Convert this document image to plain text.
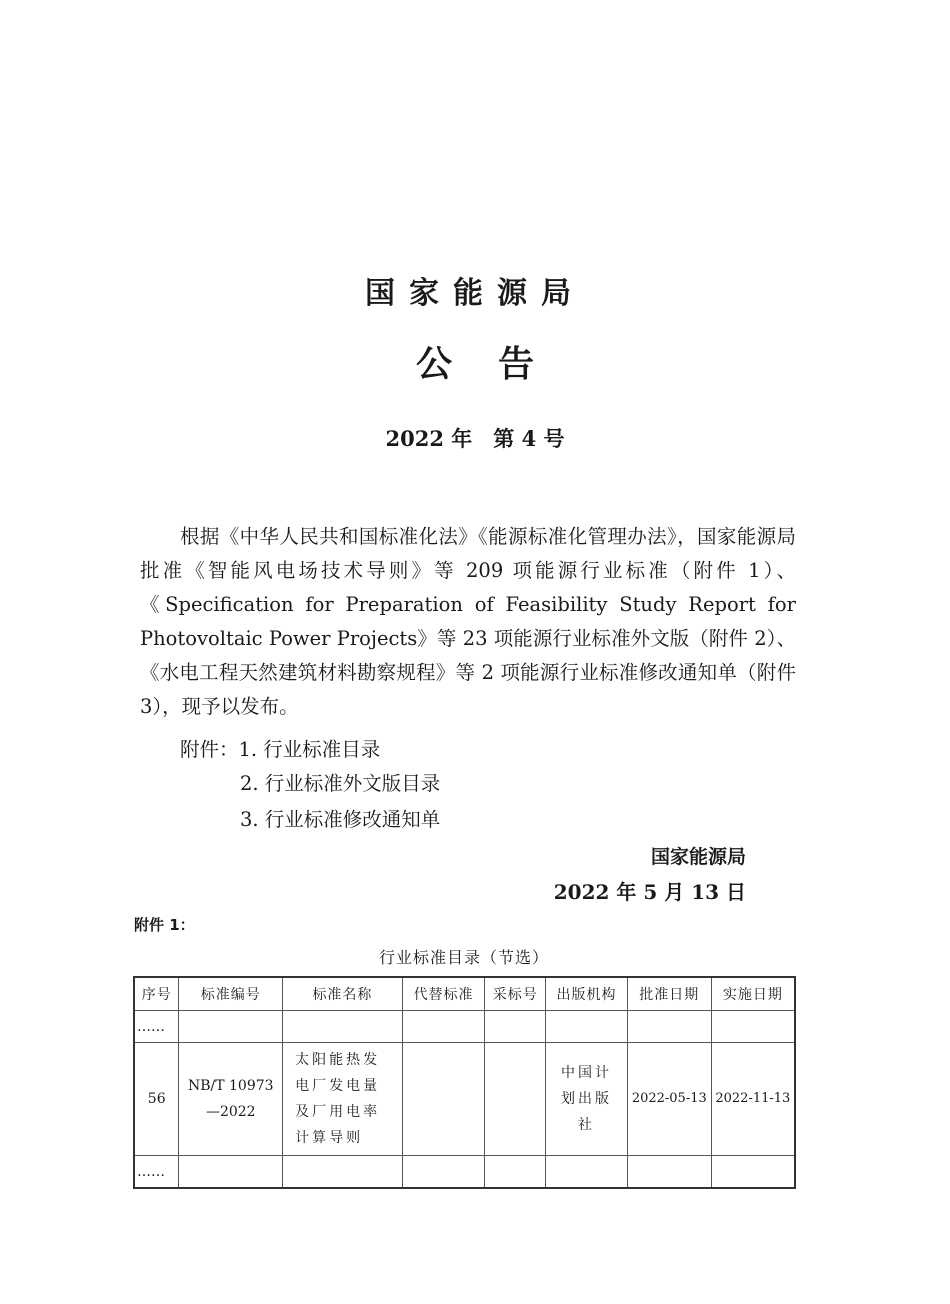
国家能源局
公告
2022 年　第 4 号
根据《中华人民共和国标准化法》《能源标准化管理办法》，国家能源局批准《智能风电场技术导则》等 209 项能源行业标准（附件 1）、《Specification for Preparation of Feasibility Study Report for Photovoltaic Power Projects》等 23 项能源行业标准外文版（附件 2）、《水电工程天然建筑材料勘察规程》等 2 项能源行业标准修改通知单（附件 3），现予以发布。
附件：1. 行业标准目录
2. 行业标准外文版目录
3. 行业标准修改通知单
国家能源局
2022 年 5 月 13 日
附件 1：
行业标准目录（节选）
序号	标准编号	标准名称	代替标准	采标号	出版机构	批准日期	实施日期
……							
56	NB/T 10973—2022	太阳能热发电厂发电量及厂用电率计算导则			中国计划出版社	2022-05-13	2022-11-13
……							
